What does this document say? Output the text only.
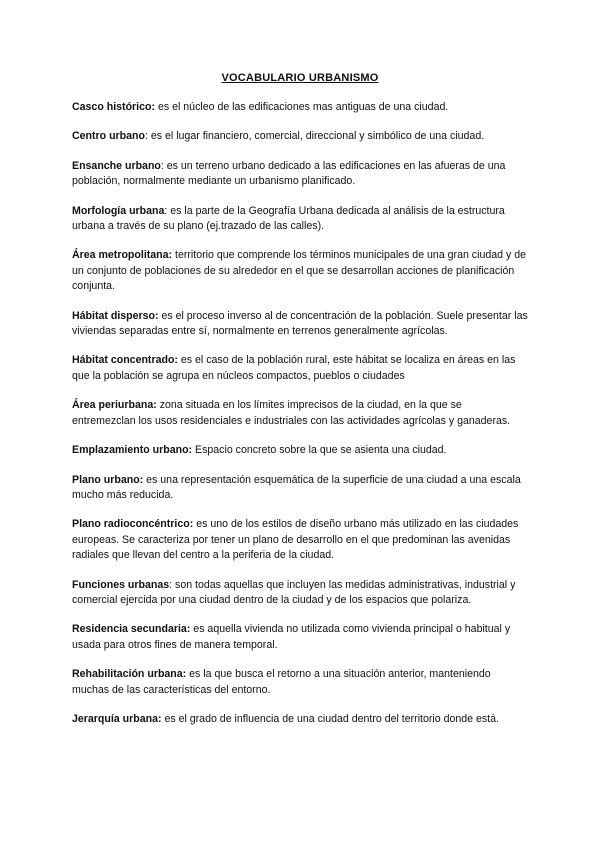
VOCABULARIO URBANISMO

Casco histórico: es el núcleo de las edificaciones mas antiguas de una ciudad.

Centro urbano: es el lugar financiero, comercial, direccional y simbólico de una ciudad.

Ensanche urbano: es un terreno urbano dedicado a las edificaciones en las afueras de una población, normalmente mediante un urbanismo planificado.

Morfología urbana: es la parte de la Geografía Urbana dedicada al análisis de la estructura urbana a través de su plano (ej.trazado de las calles).

Área metropolitana: territorio que comprende los términos municipales de una gran ciudad y de un conjunto de poblaciones de su alrededor en el que se desarrollan acciones de planificación conjunta.

Hábitat disperso: es el proceso inverso al de concentración de la población. Suele presentar las viviendas separadas entre sí, normalmente en terrenos generalmente agrícolas.

Hábitat concentrado: es el caso de la población rural, este hábitat se localiza en áreas en las que la población se agrupa en núcleos compactos, pueblos o ciudades

Área periurbana: zona situada en los límites imprecisos de la ciudad, en la que se entremezclan los usos residenciales e industriales con las actividades agrícolas y ganaderas.

Emplazamiento urbano: Espacio concreto sobre la que se asienta una ciudad.

Plano urbano: es una representación esquemática de la superficie de una ciudad a una escala mucho más reducida.

Plano radioconcéntrico: es uno de los estilos de diseño urbano más utilizado en las ciudades europeas. Se caracteriza por tener un plano de desarrollo en el que predominan las avenidas radiales que llevan del centro a la periferia de la ciudad.

Funciones urbanas: son todas aquellas que incluyen las medidas administrativas, industrial y comercial ejercida por una ciudad dentro de la ciudad y de los espacios que polariza.

Residencia secundaria: es aquella vivienda no utilizada como vivienda principal o habitual y usada para otros fines de manera temporal.

Rehabilitación urbana: es la que busca el retorno a una situación anterior, manteniendo muchas de las características del entorno.

Jerarquía urbana: es el grado de influencia de una ciudad dentro del territorio donde está.
